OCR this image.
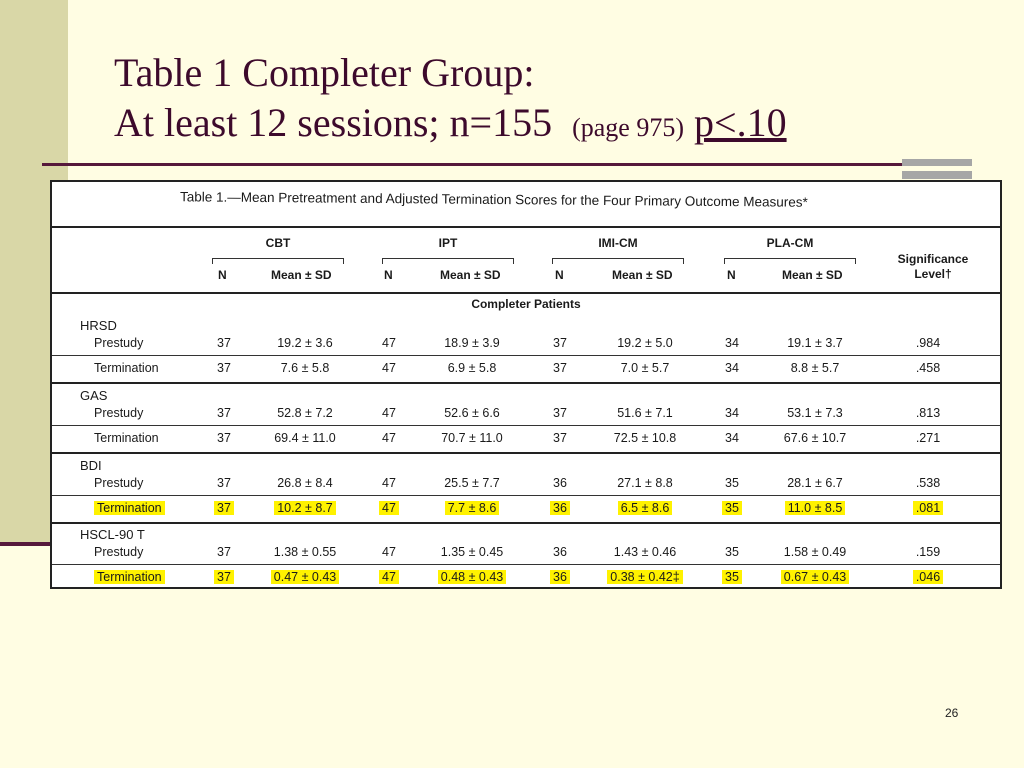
Table 1 Completer Group:
At least 12 sessions; n=155 (page 975) p<.10
Table 1.—Mean Pretreatment and Adjusted Termination Scores for the Four Primary Outcome Measures*
CBT	IPT	IMI-CM	PLA-CM
N	Mean ± SD	N	Mean ± SD	N	Mean ± SD	N	Mean ± SD
Significance
Level†
Completer Patients
HRSD
Prestudy	37	19.2 ± 3.6	47	18.9 ± 3.9	37	19.2 ± 5.0	34	19.1 ± 3.7	.984
Termination	37	7.6 ± 5.8	47	6.9 ± 5.8	37	7.0 ± 5.7	34	8.8 ± 5.7	.458
GAS
Prestudy	37	52.8 ± 7.2	47	52.6 ± 6.6	37	51.6 ± 7.1	34	53.1 ± 7.3	.813
Termination	37	69.4 ± 11.0	47	70.7 ± 11.0	37	72.5 ± 10.8	34	67.6 ± 10.7	.271
BDI
Prestudy	37	26.8 ± 8.4	47	25.5 ± 7.7	36	27.1 ± 8.8	35	28.1 ± 6.7	.538
Termination	37	10.2 ± 8.7	47	7.7 ± 8.6	36	6.5 ± 8.6	35	11.0 ± 8.5	.081
HSCL-90 T
Prestudy	37	1.38 ± 0.55	47	1.35 ± 0.45	36	1.43 ± 0.46	35	1.58 ± 0.49	.159
Termination	37	0.47 ± 0.43	47	0.48 ± 0.43	36	0.38 ± 0.42‡	35	0.67 ± 0.43	.046
26
